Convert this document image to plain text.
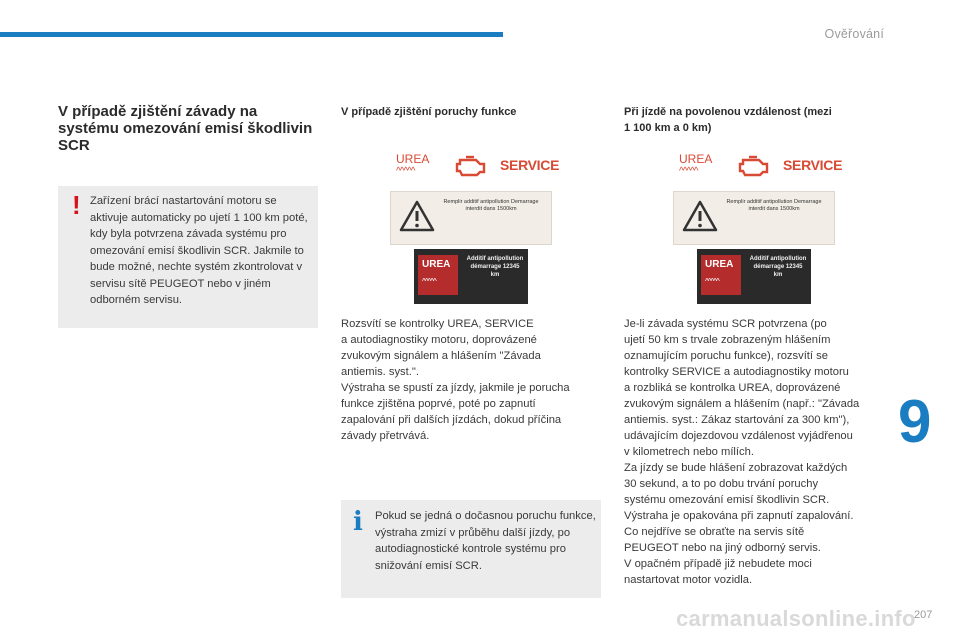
Ověřování
V případě zjištění závady na systému omezování emisí škodlivin SCR
! Zařízení brácí nastartování motoru se aktivuje automaticky po ujetí 1 100 km poté, kdy byla potvrzena závada systému pro omezování emisí škodlivin SCR. Jakmile to bude možné, nechte systém zkontrolovat v servisu sítě PEUGEOT nebo v jiném odborném servisu.
V případě zjištění poruchy funkce
UREA
^^^^^	SERVICE
Remplir additif antipollution Demarrage interdit dans 1500km
UREA
^^^^^
Additif antipollution démarrage 12345 km
Rozsvítí se kontrolky UREA, SERVICE
a autodiagnostiky motoru, doprovázené
zvukovým signálem a hlášením "Závada
antiemis. syst.".
Výstraha se spustí za jízdy, jakmile je porucha
funkce zjištěna poprvé, poté po zapnutí
zapalování při dalších jízdách, dokud příčina
závady přetrvává.
i Pokud se jedná o dočasnou poruchu funkce, výstraha zmizí v průběhu další jízdy, po autodiagnostické kontrole systému pro snižování emisí SCR.
Při jízdě na povolenou vzdálenost (mezi
1 100 km a 0 km)
UREA
^^^^^	SERVICE
Remplir additif antipollution Demarrage interdit dans 1500km
UREA
^^^^^
Additif antipollution démarrage 12345 km
Je-li závada systému SCR potvrzena (po
ujetí 50 km s trvale zobrazeným hlášením
oznamujícím poruchu funkce), rozsvítí se
kontrolky SERVICE a autodiagnostiky motoru
a rozbliká se kontrolka UREA, doprovázené
zvukovým signálem a hlášením (např.: "Závada
antiemis. syst.: Zákaz startování za 300 km"),
udávajícím dojezdovou vzdálenost vyjádřenou
v kilometrech nebo mílích.
Za jízdy se bude hlášení zobrazovat každých
30 sekund, a to po dobu trvání poruchy
systému omezování emisí škodlivin SCR.
Výstraha je opakována při zapnutí zapalování.
Co nejdříve se obraťte na servis sítě
PEUGEOT nebo na jiný odborný servis.
V opačném případě již nebudete moci
nastartovat motor vozidla.
9
carmanualsonline.info
207
